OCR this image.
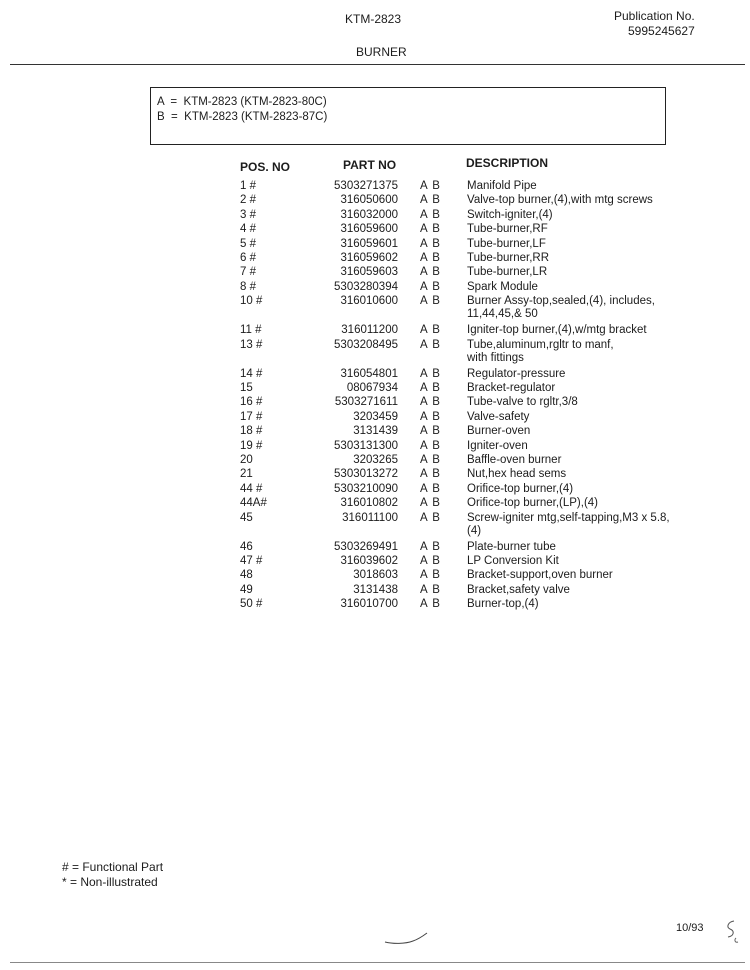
KTM-2823	Publication No.
5995245627
BURNER
A  =  KTM-2823 (KTM-2823-80C)
B  =  KTM-2823 (KTM-2823-87C)
POS. NO	PART NO	DESCRIPTION
1 #	5303271375 A B Manifold Pipe
2 #	316050600 A B Valve-top burner,(4),with mtg screws
3 #	316032000 A B Switch-igniter,(4)
4 #	316059600 A B Tube-burner,RF
5 #	316059601 A B Tube-burner,LF
6 #	316059602 A B Tube-burner,RR
7 #	316059603 A B Tube-burner,LR
8 #	5303280394 A B Spark Module
10 #	316010600 A B Burner Assy-top,sealed,(4), includes,
11,44,45,& 50
11 #	316011200 A B Igniter-top burner,(4),w/mtg bracket
13 #	5303208495 A B Tube,aluminum,rgltr to manf,
with fittings
14 #	316054801 A B Regulator-pressure
15	08067934 A B Bracket-regulator
16 #	5303271611 A B Tube-valve to rgltr,3/8
17 #	3203459 A B Valve-safety
18 #	3131439 A B Burner-oven
19 #	5303131300 A B Igniter-oven
20	3203265 A B Baffle-oven burner
21	5303013272 A B Nut,hex head sems
44 #	5303210090 A B Orifice-top burner,(4)
44A#	316010802 A B Orifice-top burner,(LP),(4)
45	316011100 A B Screw-igniter mtg,self-tapping,M3 x 5.8,
(4)
46	5303269491 A B Plate-burner tube
47 #	316039602 A B LP Conversion Kit
48	3018603 A B Bracket-support,oven burner
49	3131438 A B Bracket,safety valve
50 #	316010700 A B Burner-top,(4)
# = Functional Part
* = Non-illustrated
10/93
